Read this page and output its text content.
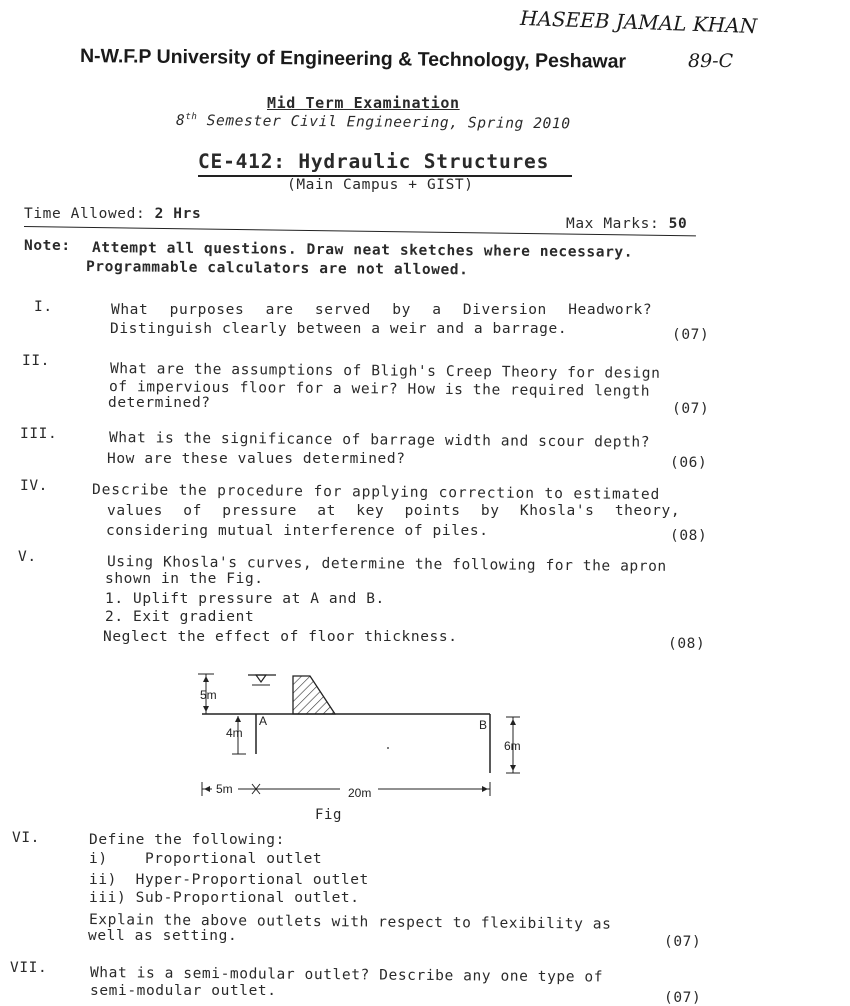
HASEEB JAMAL KHAN
89-C
N-W.F.P University of Engineering & Technology, Peshawar
Mid Term Examination
8th Semester Civil Engineering, Spring 2010
CE-412: Hydraulic Structures
(Main Campus + GIST)
Time Allowed: 2 Hrs
Max Marks: 50
Note: Attempt all questions. Draw neat sketches where necessary.
Programmable calculators are not allowed.
I.	What purposes are served by a Diversion Headwork?
Distinguish clearly between a weir and a barrage.	(07)
II.
What are the assumptions of Bligh's Creep Theory for design
of impervious floor for a weir? How is the required length
determined?	(07)
III.	What is the significance of barrage width and scour depth?
How are these values determined?	(06)
IV.	Describe the procedure for applying correction to estimated
values of pressure at key points by Khosla's theory,
considering mutual interference of piles.	(08)
V.	Using Khosla's curves, determine the following for the apron
shown in the Fig.
1. Uplift pressure at A and B.
2. Exit gradient
Neglect the effect of floor thickness.	(08)
5m
4m
A	B
6m
5m	20m
Fig
VI.	Define the following:
i)    Proportional outlet
ii)  Hyper-Proportional outlet
iii) Sub-Proportional outlet.
Explain the above outlets with respect to flexibility as
well as setting.	(07)
VII.	What is a semi-modular outlet? Describe any one type of
semi-modular outlet.	(07)
